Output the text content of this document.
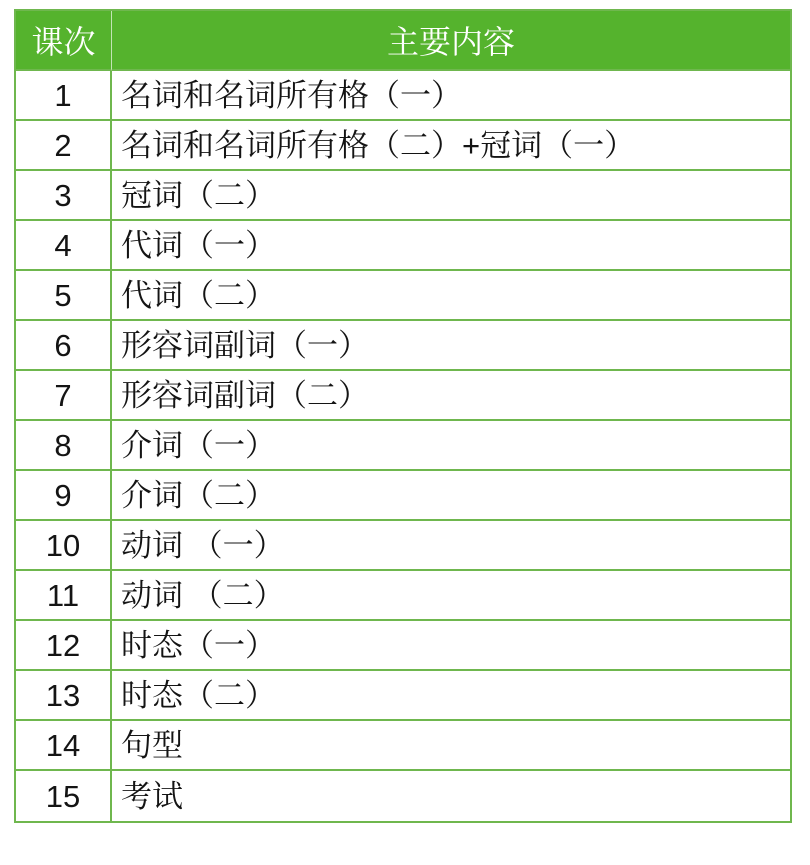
课次	主要内容
1	名词和名词所有格（一）
2	名词和名词所有格（二）+冠词（一）
3	冠词（二）
4	代词（一）
5	代词（二）
6	形容词副词（一）
7	形容词副词（二）
8	介词（一）
9	介词（二）
10	动词 （一）
11	动词 （二）
12	时态（一）
13	时态（二）
14	句型
15	考试
